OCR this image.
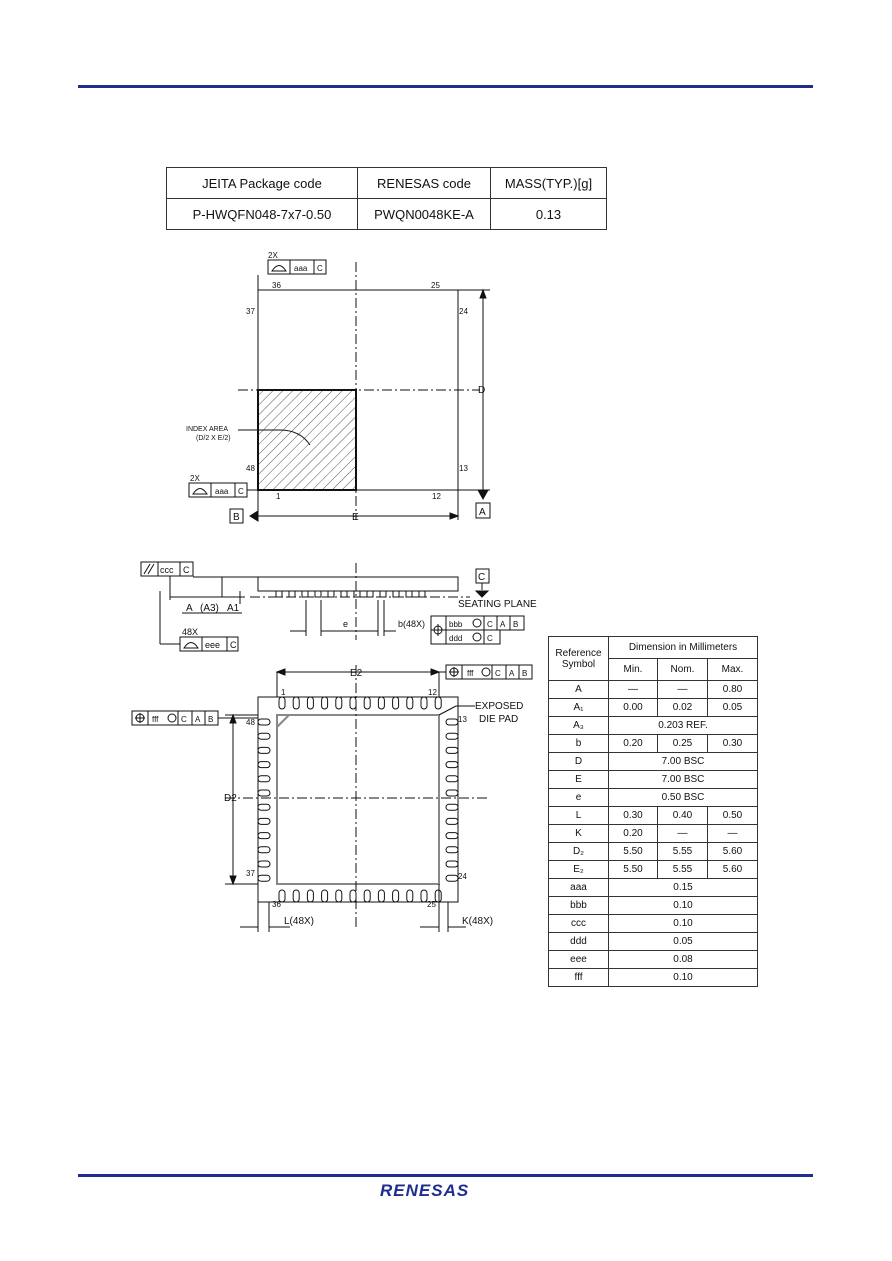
JEITA Package code	RENESAS code	MASS(TYP.)[g]
P-HWQFN048-7x7-0.50	PWQN0048KE-A	0.13
2X
aaa C
36	25
37	24
48	13
1	12
INDEX AREA
(D/2 X E/2)
D
E	A
B
2X
aaa C
ccc C
C
SEATING PLANE
A (A3) A1
48X
eee C
e	b(48X)	bbb	C A B
ddd	C
E2	fff	C A B
fff	C A B
1	12
48	13
37	24
36	25
EXPOSED
DIE PAD
D2
L(48X)	K(48X)
Reference
Symbol	Dimension in Millimeters		
	Min.	Nom.	Max.
A	―	―	0.80
A₁	0.00	0.02	0.05
A₃	0.203 REF.		
b	0.20	0.25	0.30
D	7.00 BSC		
E	7.00 BSC		
e	0.50 BSC		
L	0.30	0.40	0.50
K	0.20	―	―
D₂	5.50	5.55	5.60
E₂	5.50	5.55	5.60
aaa	0.15		
bbb	0.10		
ccc	0.10		
ddd	0.05		
eee	0.08		
fff	0.10		
RENESAS
